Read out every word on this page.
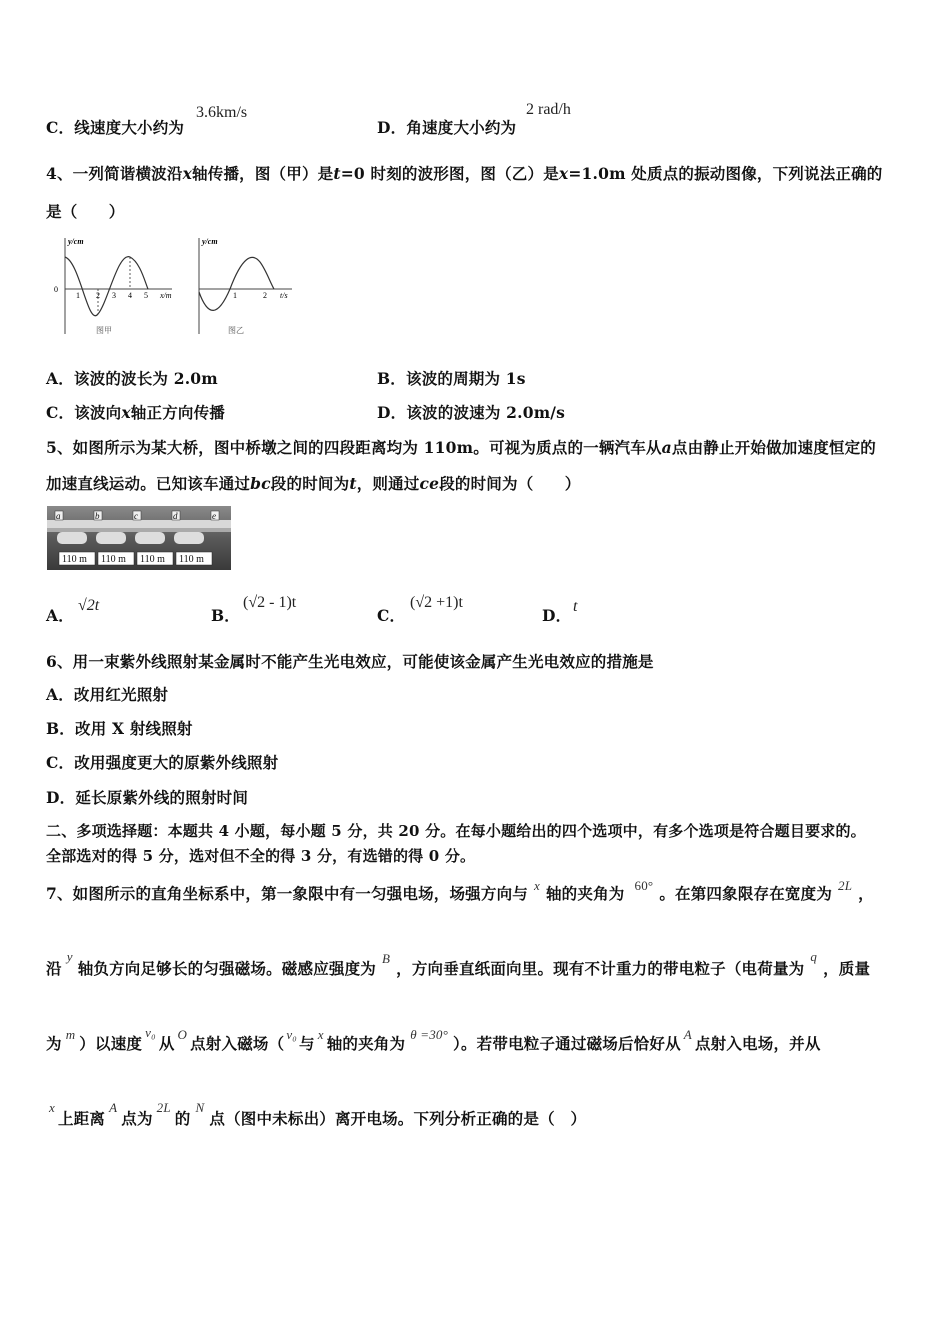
C．线速度大小约为
3.6km/s
D．角速度大小约为
2 rad/h
4、一列简谐横波沿x轴传播，图（甲）是t=0 时刻的波形图，图（乙）是x=1.0m 处质点的振动图像，下列说法正确的
是（　　）
y/cm
0
x/m
1 2 3 4 5
图甲
y/cm
t/s
1	2
图乙
A．该波的波长为 2.0m	B．该波的周期为 1s
C．该波向x轴正方向传播	D．该波的波速为 2.0m/s
5、如图所示为某大桥，图中桥墩之间的四段距离均为 110m。可视为质点的一辆汽车从a点由静止开始做加速度恒定的
加速直线运动。已知该车通过bc段的时间为t，则通过ce段的时间为（　　）
a	b	c	d	e
110 m 110 m 110 m 110 m
A．
√2t
B．
(√2 - 1)t
C．
(√2 +1)t
D． t
6、用一束紫外线照射某金属时不能产生光电效应，可能使该金属产生光电效应的措施是
A．改用红光照射
B．改用 X 射线照射
C．改用强度更大的原紫外线照射
D．延长原紫外线的照射时间
二、多项选择题：本题共 4 小题，每小题 5 分，共 20 分。在每小题给出的四个选项中，有多个选项是符合题目要求的。
全部选对的得 5 分，选对但不全的得 3 分，有选错的得 0 分。
7、如图所示的直角坐标系中，第一象限中有一匀强电场，场强方向与 $^x$ 轴的夹角为 $^{60^\circ}$ 。在第四象限存在宽度为 $^{2L}$ ，
沿$^y$轴负方向足够长的匀强磁场。磁感应强度为$^B$，方向垂直纸面向里。现有不计重力的带电粒子（电荷量为$^q$，质量
为 $^m$ ）以速度$^{v_0}$从 $^O$ 点射入磁场（ $^{v_0}$ 与 $^x$ 轴的夹角为 $^{\theta =30^\circ}$ ）。若带电粒子通过磁场后恰好从 $^A$ 点射入电场，并从
$^x$上距离$^A$点为$^{2L}$的$^N$点（图中未标出）离开电场。下列分析正确的是（　）
